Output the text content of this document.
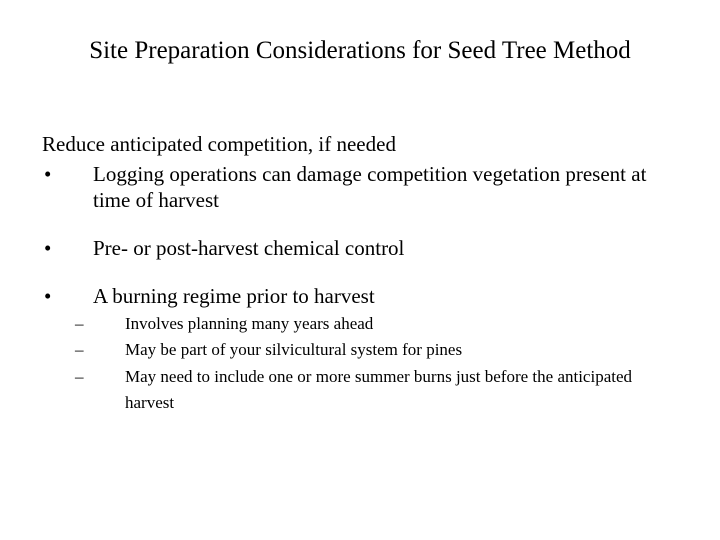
Site Preparation Considerations for Seed Tree Method
Reduce anticipated competition, if needed
• Logging operations can damage competition vegetation present at time of harvest
• Pre- or post-harvest chemical control
• A burning regime prior to harvest
– Involves planning many years ahead
– May be part of your silvicultural system for pines
– May need to include one or more summer burns just before the anticipated harvest
